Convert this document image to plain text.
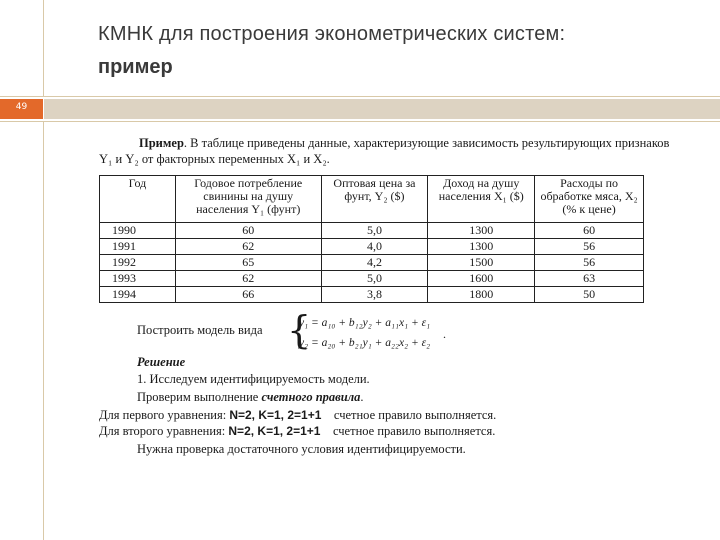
49
КМНК для построения эконометрических систем:
пример
Пример. В таблице приведены данные, характеризующие зависимость результирующих признаков Y₁ и Y₂ от факторных переменных X₁ и X₂.
Год	Годовое потребление свинины на душу населения Y₁ (фунт)	Оптовая цена за фунт, Y₂ ($)	Доход на душу населения X₁ ($)	Расходы по обработке мяса, X₂ (% к цене)
1990	60	5,0	1300	60
1991	62	4,0	1300	56
1992	65	4,2	1500	56
1993	62	5,0	1600	63
1994	66	3,8	1800	50
Построить модель вида {
y₁ = a₁₀ + b₁₂y₂ + a₁₁x₁ + ε₁
y₂ = a₂₀ + b₂₁y₁ + a₂₂x₂ + ε₂
.
Решение
1. Исследуем идентифицируемость модели.
Проверим выполнение счетного правила.
Для первого уравнения: N=2, K=1, 2=1+1 счетное правило выполняется.
Для второго уравнения: N=2, K=1, 2=1+1 счетное правило выполняется.
Нужна проверка достаточного условия идентифицируемости.
